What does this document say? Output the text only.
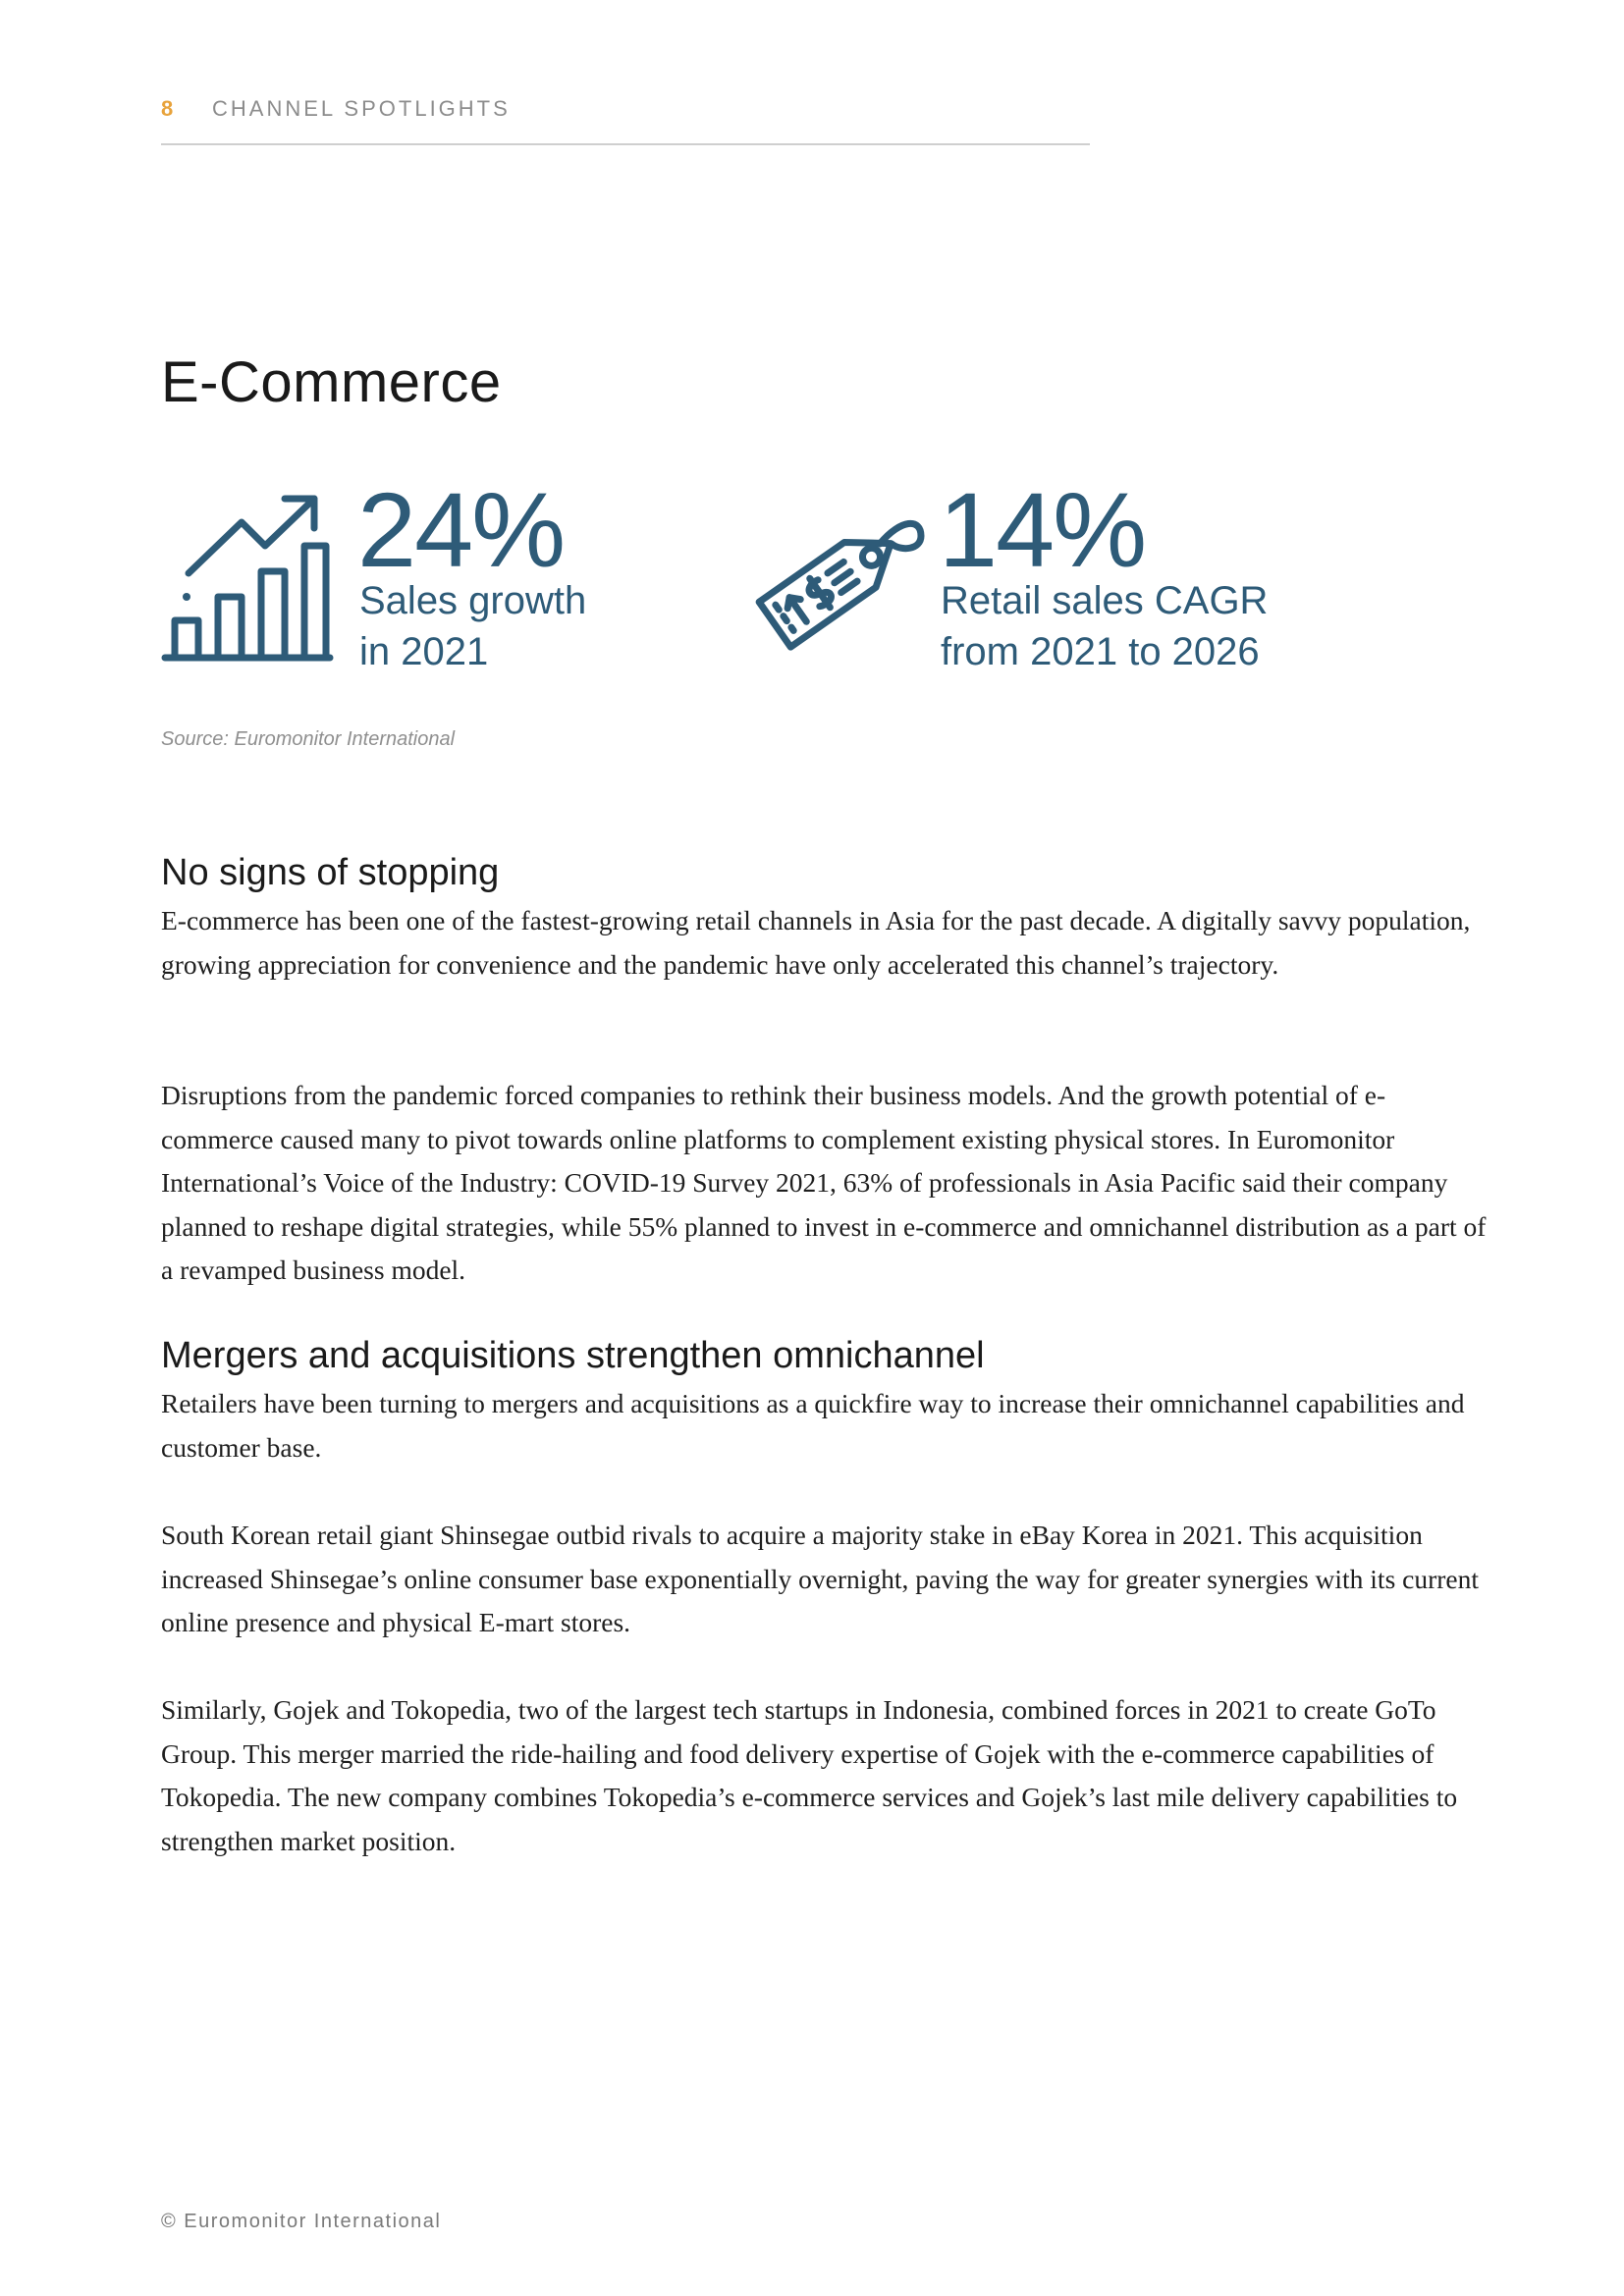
8 CHANNEL SPOTLIGHTS
E-Commerce
24%
Sales growth
in 2021
14%
Retail sales CAGR
from 2021 to 2026
Source: Euromonitor International
No signs of stopping

E-commerce has been one of the fastest-growing retail channels in Asia for the past decade. A digitally savvy population, growing appreciation for convenience and the pandemic have only accelerated this channel’s trajectory.

Disruptions from the pandemic forced companies to rethink their business models. And the growth potential of e-commerce caused many to pivot towards online platforms to complement existing physical stores. In Euromonitor International’s Voice of the Industry: COVID-19 Survey 2021, 63% of professionals in Asia Pacific said their company planned to reshape digital strategies, while 55% planned to invest in e-commerce and omnichannel distribution as a part of a revamped business model.

Mergers and acquisitions strengthen omnichannel

Retailers have been turning to mergers and acquisitions as a quickfire way to increase their omnichannel capabilities and customer base.

South Korean retail giant Shinsegae outbid rivals to acquire a majority stake in eBay Korea in 2021. This acquisition increased Shinsegae’s online consumer base exponentially overnight, paving the way for greater synergies with its current online presence and physical E-mart stores.

Similarly, Gojek and Tokopedia, two of the largest tech startups in Indonesia, combined forces in 2021 to create GoTo Group. This merger married the ride-hailing and food delivery expertise of Gojek with the e-commerce capabilities of Tokopedia. The new company combines Tokopedia’s e-commerce services and Gojek’s last mile delivery capabilities to strengthen market position.

© Euromonitor International
